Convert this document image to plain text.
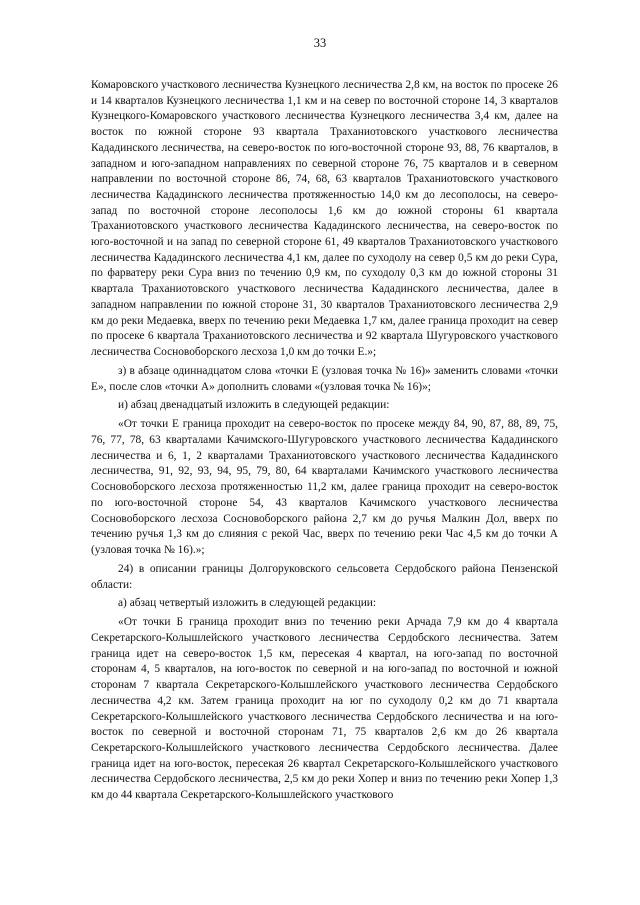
33

Комаровского участкового лесничества Кузнецкого лесничества 2,8 км, на восток по просеке 26 и 14 кварталов Кузнецкого лесничества 1,1 км и на север по восточной стороне 14, 3 кварталов Кузнецкого-Комаровского участкового лесничества Кузнецкого лесничества 3,4 км, далее на восток по южной стороне 93 квартала Траханиотовского участкового лесничества Кададинского лесничества, на северо-восток по юго-восточной стороне 93, 88, 76 кварталов, в западном и юго-западном направлениях по северной стороне 76, 75 кварталов и в северном направлении по восточной стороне 86, 74, 68, 63 кварталов Траханиотовского участкового лесничества Кададинского лесничества протяженностью 14,0 км до лесополосы, на северо-запад по восточной стороне лесополосы 1,6 км до южной стороны 61 квартала Траханиотовского участкового лесничества Кададинского лесничества, на северо-восток по юго-восточной и на запад по северной стороне 61, 49 кварталов Траханиотовского участкового лесничества Кададинского лесничества 4,1 км, далее по суходолу на север 0,5 км до реки Сура, по фарватеру реки Сура вниз по течению 0,9 км, по суходолу 0,3 км до южной стороны 31 квартала Траханиотовского участкового лесничества Кададинского лесничества, далее в западном направлении по южной стороне 31, 30 кварталов Траханиотовского лесничества 2,9 км до реки Медаевка, вверх по течению реки Медаевка 1,7 км, далее граница проходит на север по просеке 6 квартала Траханиотовского лесничества и 92 квартала Шугуровского участкового лесничества Сосновоборского лесхоза 1,0 км до точки Е.»;

з) в абзаце одиннадцатом слова «точки Е (узловая точка № 16)» заменить словами «точки Е», после слов «точки А» дополнить словами «(узловая точка № 16)»;

и) абзац двенадцатый изложить в следующей редакции:

«От точки Е граница проходит на северо-восток по просеке между 84, 90, 87, 88, 89, 75, 76, 77, 78, 63 кварталами Качимского-Шугуровского участкового лесничества Кададинского лесничества и 6, 1, 2 кварталами Траханиотовского участкового лесничества Кададинского лесничества, 91, 92, 93, 94, 95, 79, 80, 64 кварталами Качимского участкового лесничества Сосновоборского лесхоза протяженностью 11,2 км, далее граница проходит на северо-восток по юго-восточной стороне 54, 43 кварталов Качимского участкового лесничества Сосновоборского лесхоза Сосновоборского района 2,7 км до ручья Малкин Дол, вверх по течению ручья 1,3 км до слияния с рекой Час, вверх по течению реки Час 4,5 км до точки А (узловая точка № 16).»;

24) в описании границы Долгоруковского сельсовета Сердобского района Пензенской области:

а) абзац четвертый изложить в следующей редакции:

«От точки Б граница проходит вниз по течению реки Арчада 7,9 км до 4 квартала Секретарского-Колышлейского участкового лесничества Сердобского лесничества. Затем граница идет на северо-восток 1,5 км, пересекая 4 квартал, на юго-запад по восточной сторонам 4, 5 кварталов, на юго-восток по северной и на юго-запад по восточной и южной сторонам 7 квартала Секретарского-Колышлейского участкового лесничества Сердобского лесничества 4,2 км. Затем граница проходит на юг по суходолу 0,2 км до 71 квартала Секретарского-Колышлейского участкового лесничества Сердобского лесничества и на юго-восток по северной и восточной сторонам 71, 75 кварталов 2,6 км до 26 квартала Секретарского-Колышлейского участкового лесничества Сердобского лесничества. Далее граница идет на юго-восток, пересекая 26 квартал Секретарского-Колышлейского участкового лесничества Сердобского лесничества, 2,5 км до реки Хопер и вниз по течению реки Хопер 1,3 км до 44 квартала Секретарского-Колышлейского участкового
